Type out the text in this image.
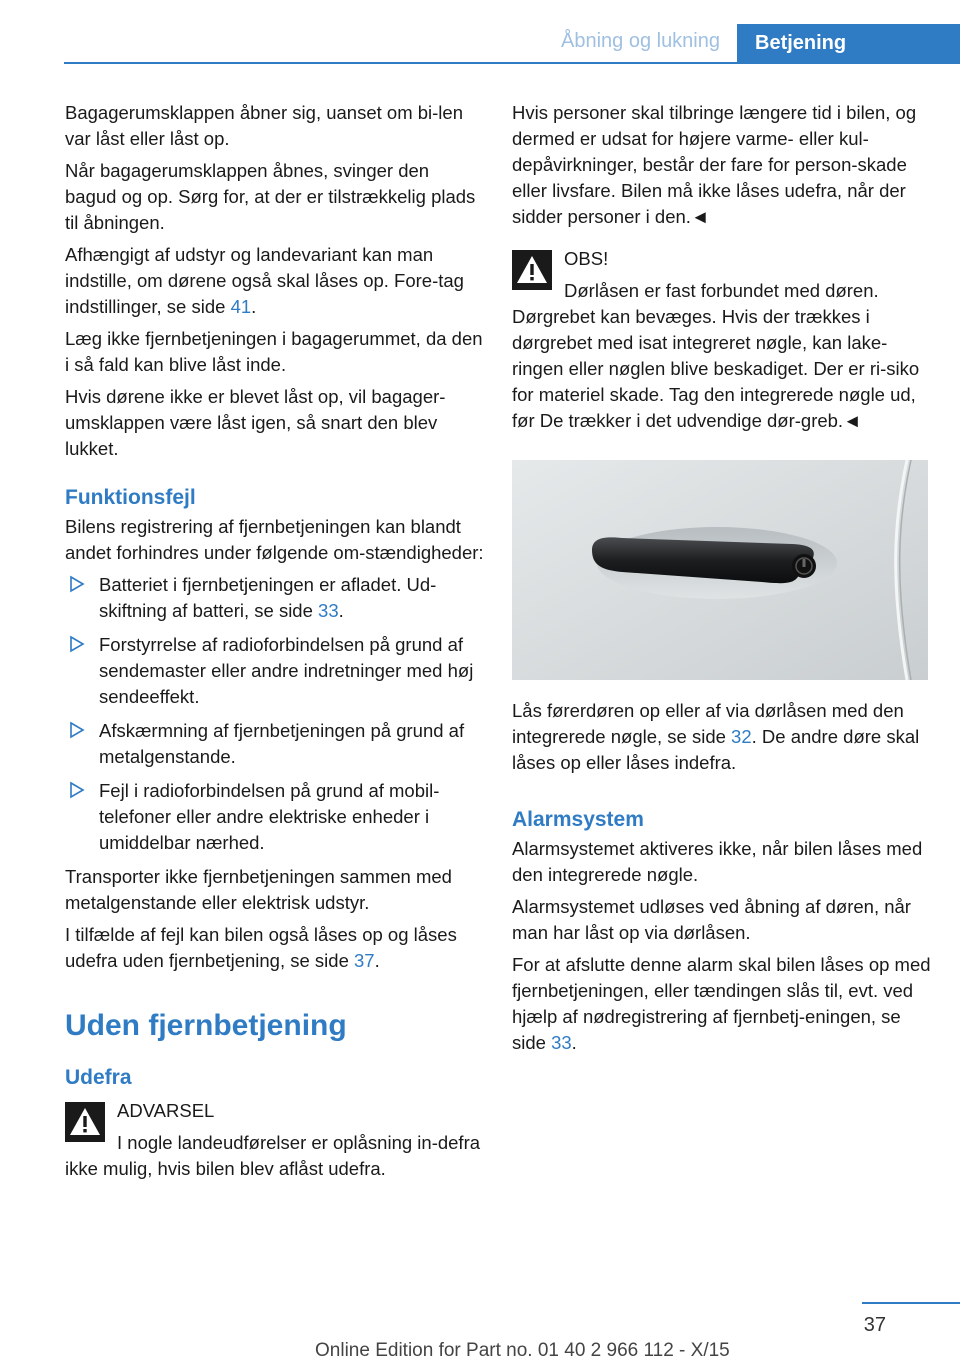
Åbning og lukning	Betjening

Bagagerumsklappen åbner sig, uanset om bi‐len var låst eller låst op.

Når bagagerumsklappen åbnes, svinger den bagud og op. Sørg for, at der er tilstrækkelig plads til åbningen.

Afhængigt af udstyr og landevariant kan man indstille, om dørene også skal låses op. Fore‐tag indstillinger, se side 41.

Læg ikke fjernbetjeningen i bagagerummet, da den i så fald kan blive låst inde.

Hvis dørene ikke er blevet låst op, vil bagager‐umsklappen være låst igen, så snart den blev lukket.

Funktionsfejl

Bilens registrering af fjernbetjeningen kan blandt andet forhindres under følgende om‐stændigheder:

Batteriet i fjernbetjeningen er afladet. Ud‐skiftning af batteri, se side 33.
Forstyrrelse af radioforbindelsen på grund af sendemaster eller andre indretninger med høj sendeeffekt.
Afskærmning af fjernbetjeningen på grund af metalgenstande.
Fejl i radioforbindelsen på grund af mobil‐telefoner eller andre elektriske enheder i umiddelbar nærhed.

Transporter ikke fjernbetjeningen sammen med metalgenstande eller elektrisk udstyr.

I tilfælde af fejl kan bilen også låses op og låses udefra uden fjernbetjening, se side 37.

Uden fjernbetjening
Udefra
ADVARSEL
I nogle landeudførelser er oplåsning in‐defra ikke mulig, hvis bilen blev aflåst udefra.

Hvis personer skal tilbringe længere tid i bilen, og dermed er udsat for højere varme- eller kul‐depåvirkninger, består der fare for person‐skade eller livsfare. Bilen må ikke låses udefra, når der sidder personer i den.◄

OBS!
Dørlåsen er fast forbundet med døren. Dørgrebet kan bevæges. Hvis der trækkes i dørgrebet med isat integreret nøgle, kan lake‐ringen eller nøglen blive beskadiget. Der er ri‐siko for materiel skade. Tag den integrerede nøgle ud, før De trækker i det udvendige dør‐greb.◄

Lås førerdøren op eller af via dørlåsen med den integrerede nøgle, se side 32. De andre døre skal låses op eller låses indefra.

Alarmsystem

Alarmsystemet aktiveres ikke, når bilen låses med den integrerede nøgle.

Alarmsystemet udløses ved åbning af døren, når man har låst op via dørlåsen.

For at afslutte denne alarm skal bilen låses op med fjernbetjeningen, eller tændingen slås til, evt. ved hjælp af nødregistrering af fjernbetj‐eningen, se side 33.

37
Online Edition for Part no. 01 40 2 966 112 - X/15
